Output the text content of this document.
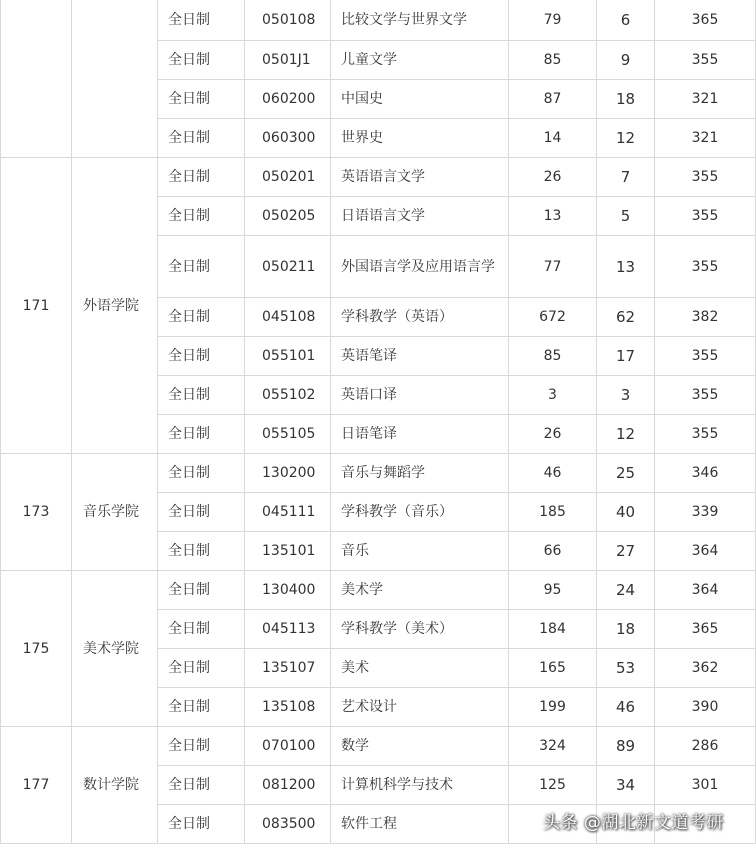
		全日制	050108	比较文学与世界文学	79	6	365
		全日制	0501J1	儿童文学	85	9	355
		全日制	060200	中国史	87	18	321
		全日制	060300	世界史	14	12	321
171	外语学院	全日制	050201	英语语言文学	26	7	355
		全日制	050205	日语语言文学	13	5	355
		全日制	050211	外国语言学及应用语言学	77	13	355
		全日制	045108	学科教学（英语）	672	62	382
		全日制	055101	英语笔译	85	17	355
		全日制	055102	英语口译	3	3	355
		全日制	055105	日语笔译	26	12	355
173	音乐学院	全日制	130200	音乐与舞蹈学	46	25	346
		全日制	045111	学科教学（音乐）	185	40	339
		全日制	135101	音乐	66	27	364
175	美术学院	全日制	130400	美术学	95	24	364
		全日制	045113	学科教学（美术）	184	18	365
		全日制	135107	美术	165	53	362
		全日制	135108	艺术设计	199	46	390
177	数计学院	全日制	070100	数学	324	89	286
		全日制	081200	计算机科学与技术	125	34	301
		全日制	083500	软件工程				头条 @湖北新文道考研
